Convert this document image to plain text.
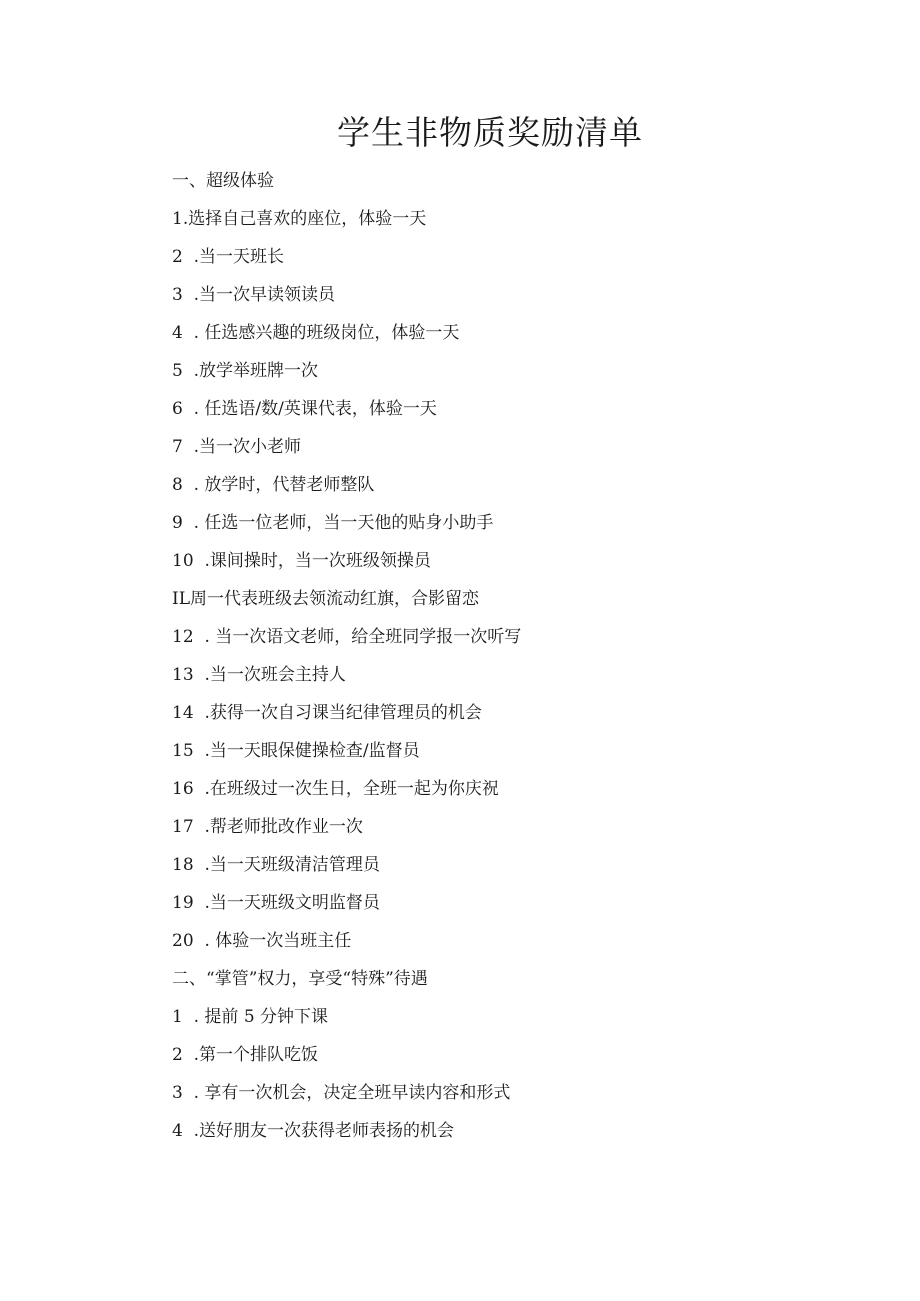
学生非物质奖励清单
一、超级体验
1.选择自己喜欢的座位，体验一天
2  .当一天班长
3  .当一次早读领读员
4  . 任选感兴趣的班级岗位，体验一天
5  .放学举班牌一次
6  . 任选语/数/英课代表，体验一天
7  .当一次小老师
8  . 放学时，代替老师整队
9  . 任选一位老师，当一天他的贴身小助手
10  .课间操时，当一次班级领操员
IL周一代表班级去领流动红旗，合影留恋
12  . 当一次语文老师，给全班同学报一次听写
13  .当一次班会主持人
14  .获得一次自习课当纪律管理员的机会
15  .当一天眼保健操检查/监督员
16  .在班级过一次生日，全班一起为你庆祝
17  .帮老师批改作业一次
18  .当一天班级清洁管理员
19  .当一天班级文明监督员
20  . 体验一次当班主任
二、“掌管”权力，享受“特殊”待遇
1  . 提前 5 分钟下课
2  .第一个排队吃饭
3  . 享有一次机会，决定全班早读内容和形式
4  .送好朋友一次获得老师表扬的机会
